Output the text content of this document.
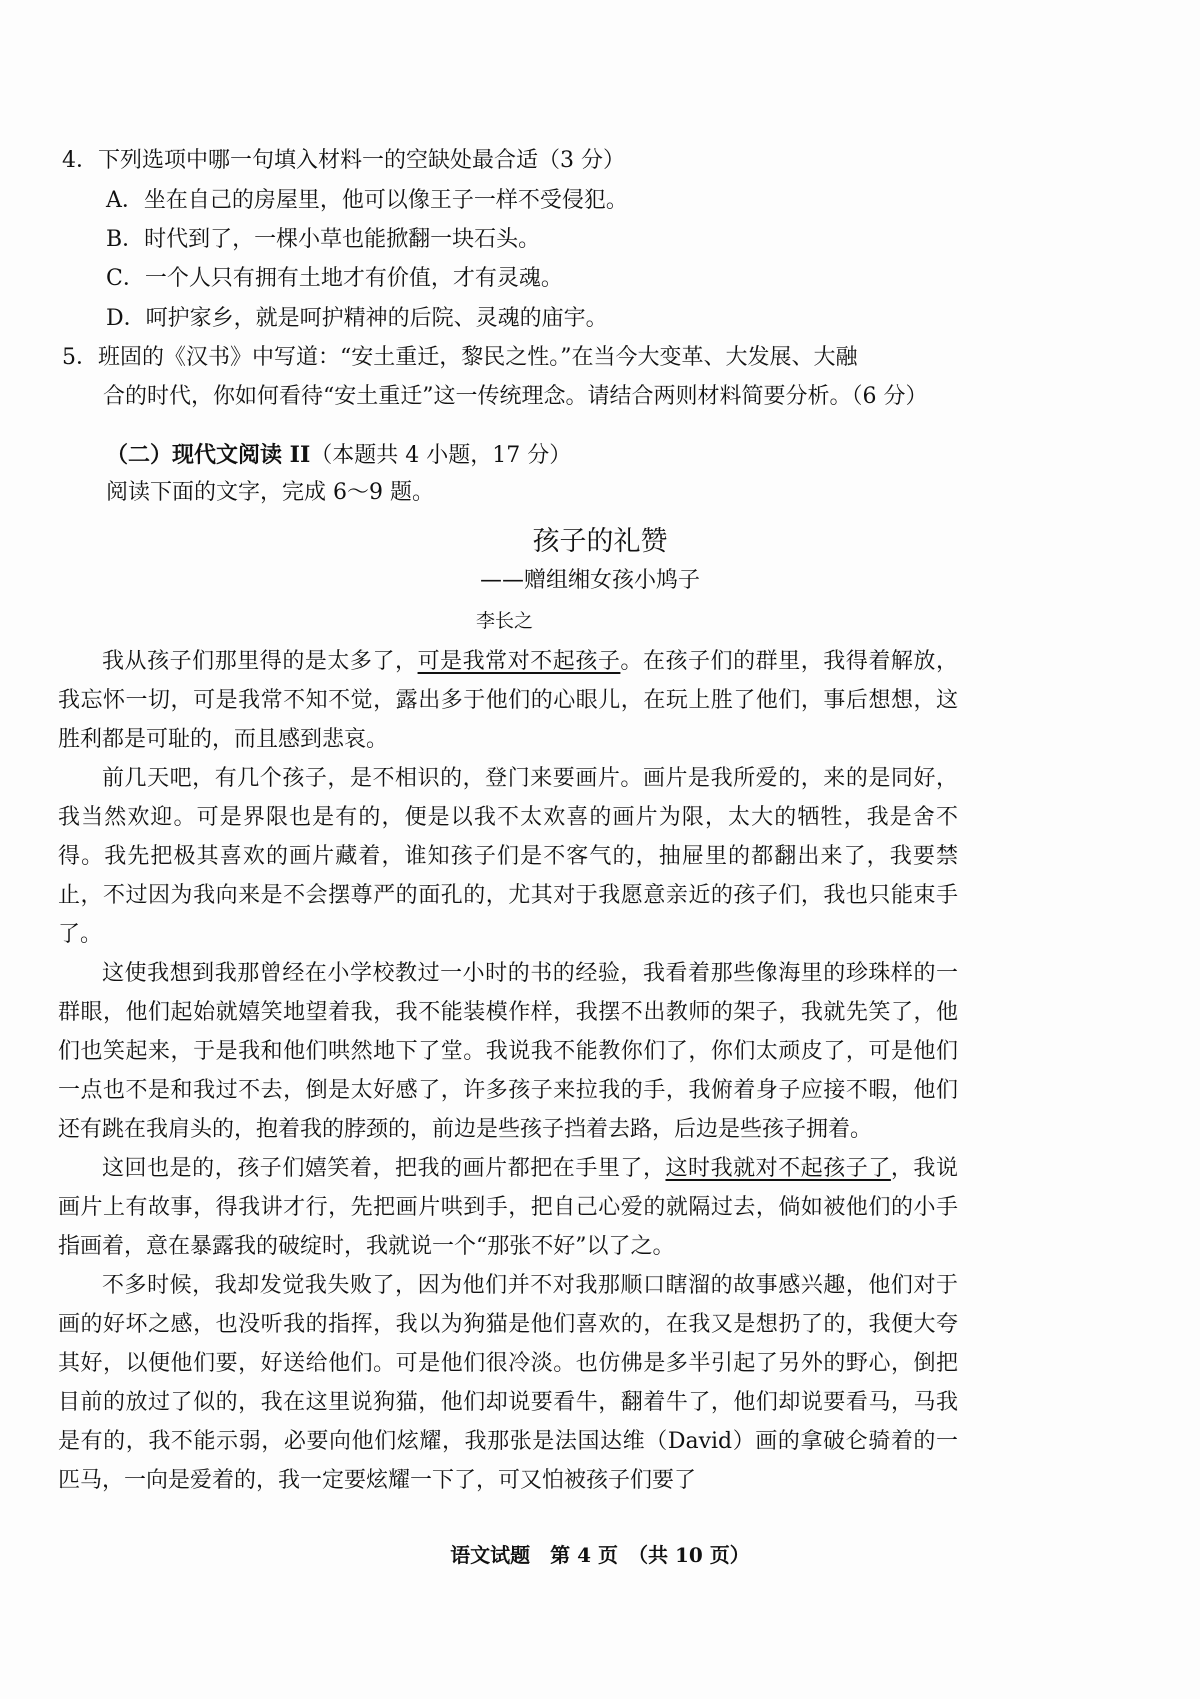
4．下列选项中哪一句填入材料一的空缺处最合适（3 分）
A．坐在自己的房屋里，他可以像王子一样不受侵犯。
B．时代到了，一棵小草也能掀翻一块石头。
C．一个人只有拥有土地才有价值，才有灵魂。
D．呵护家乡，就是呵护精神的后院、灵魂的庙宇。
5．班固的《汉书》中写道：“安土重迁，黎民之性。”在当今大变革、大发展、大融
合的时代，你如何看待“安土重迁”这一传统理念。请结合两则材料简要分析。（6 分）
（二）现代文阅读 II（本题共 4 小题，17 分）
阅读下面的文字，完成 6～9 题。
孩子的礼赞
——赠组缃女孩小鸠子
李长之

我从孩子们那里得的是太多了，可是我常对不起孩子。在孩子们的群里，我得着解放，我忘怀一切，可是我常不知不觉，露出多于他们的心眼儿，在玩上胜了他们，事后想想，这胜利都是可耻的，而且感到悲哀。

前几天吧，有几个孩子，是不相识的，登门来要画片。画片是我所爱的，来的是同好，我当然欢迎。可是界限也是有的，便是以我不太欢喜的画片为限，太大的牺牲，我是舍不得。我先把极其喜欢的画片藏着，谁知孩子们是不客气的，抽屉里的都翻出来了，我要禁止，不过因为我向来是不会摆尊严的面孔的，尤其对于我愿意亲近的孩子们，我也只能束手了。

这使我想到我那曾经在小学校教过一小时的书的经验，我看着那些像海里的珍珠样的一群眼，他们起始就嬉笑地望着我，我不能装模作样，我摆不出教师的架子，我就先笑了，他们也笑起来，于是我和他们哄然地下了堂。我说我不能教你们了，你们太顽皮了，可是他们一点也不是和我过不去，倒是太好感了，许多孩子来拉我的手，我俯着身子应接不暇，他们还有跳在我肩头的，抱着我的脖颈的，前边是些孩子挡着去路，后边是些孩子拥着。

这回也是的，孩子们嬉笑着，把我的画片都把在手里了，这时我就对不起孩子了，我说画片上有故事，得我讲才行，先把画片哄到手，把自己心爱的就隔过去，倘如被他们的小手指画着，意在暴露我的破绽时，我就说一个“那张不好”以了之。

不多时候，我却发觉我失败了，因为他们并不对我那顺口瞎溜的故事感兴趣，他们对于画的好坏之感，也没听我的指挥，我以为狗猫是他们喜欢的，在我又是想扔了的，我便大夸其好，以便他们要，好送给他们。可是他们很冷淡。也仿佛是多半引起了另外的野心，倒把目前的放过了似的，我在这里说狗猫，他们却说要看牛，翻着牛了，他们却说要看马，马我是有的，我不能示弱，必要向他们炫耀，我那张是法国达维（David）画的拿破仑骑着的一匹马，一向是爱着的，我一定要炫耀一下了，可又怕被孩子们要了

语文试题　第 4 页　（共 10 页）
